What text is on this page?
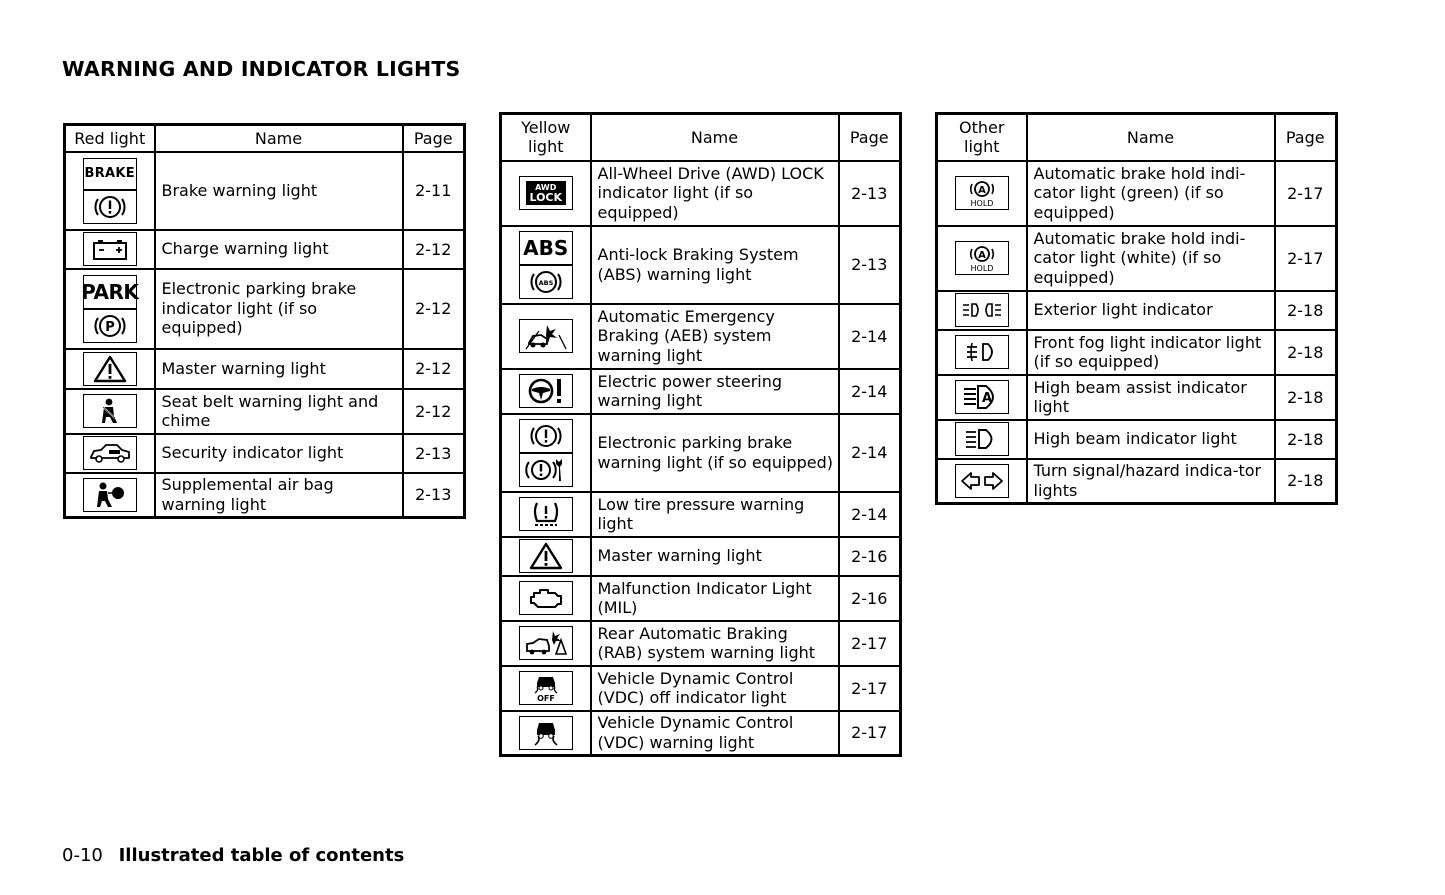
WARNING AND INDICATOR LIGHTS
Red light	Name	Page

BRAKE	Brake warning light	2-11

	Charge warning light	2-12

PARK
P	Electronic parking brake indicator light (if so equipped)	2-12

	Master warning light	2-12

	Seat belt warning light and chime	2-12

	Security indicator light	2-13

	Supplemental air bag warning light	2-13
Yellow light	Name	Page

AWD
LOCK	All-Wheel Drive (AWD) LOCK indicator light (if so equipped)	2-13

ABS
ABS	Anti-lock Braking System (ABS) warning light	2-13

	Automatic Emergency Braking (AEB) system warning light	2-14

	Electric power steering warning light	2-14

	Electronic parking brake warning light (if so equipped)	2-14

	Low tire pressure warning light	2-14

	Master warning light	2-16

	Malfunction Indicator Light (MIL)	2-16

	Rear Automatic Braking (RAB) system warning light	2-17

OFF	Vehicle Dynamic Control (VDC) off indicator light	2-17

	Vehicle Dynamic Control (VDC) warning light	2-17
Other light	Name	Page

A
HOLD	Automatic brake hold indi-cator light (green) (if so equipped)	2-17

A
HOLD	Automatic brake hold indi-cator light (white) (if so equipped)	2-17

	Exterior light indicator	2-18

	Front fog light indicator light (if so equipped)	2-18

A	High beam assist indicator light	2-18

	High beam indicator light	2-18

	Turn signal/hazard indica-tor lights	2-18
0-10 Illustrated table of contents
